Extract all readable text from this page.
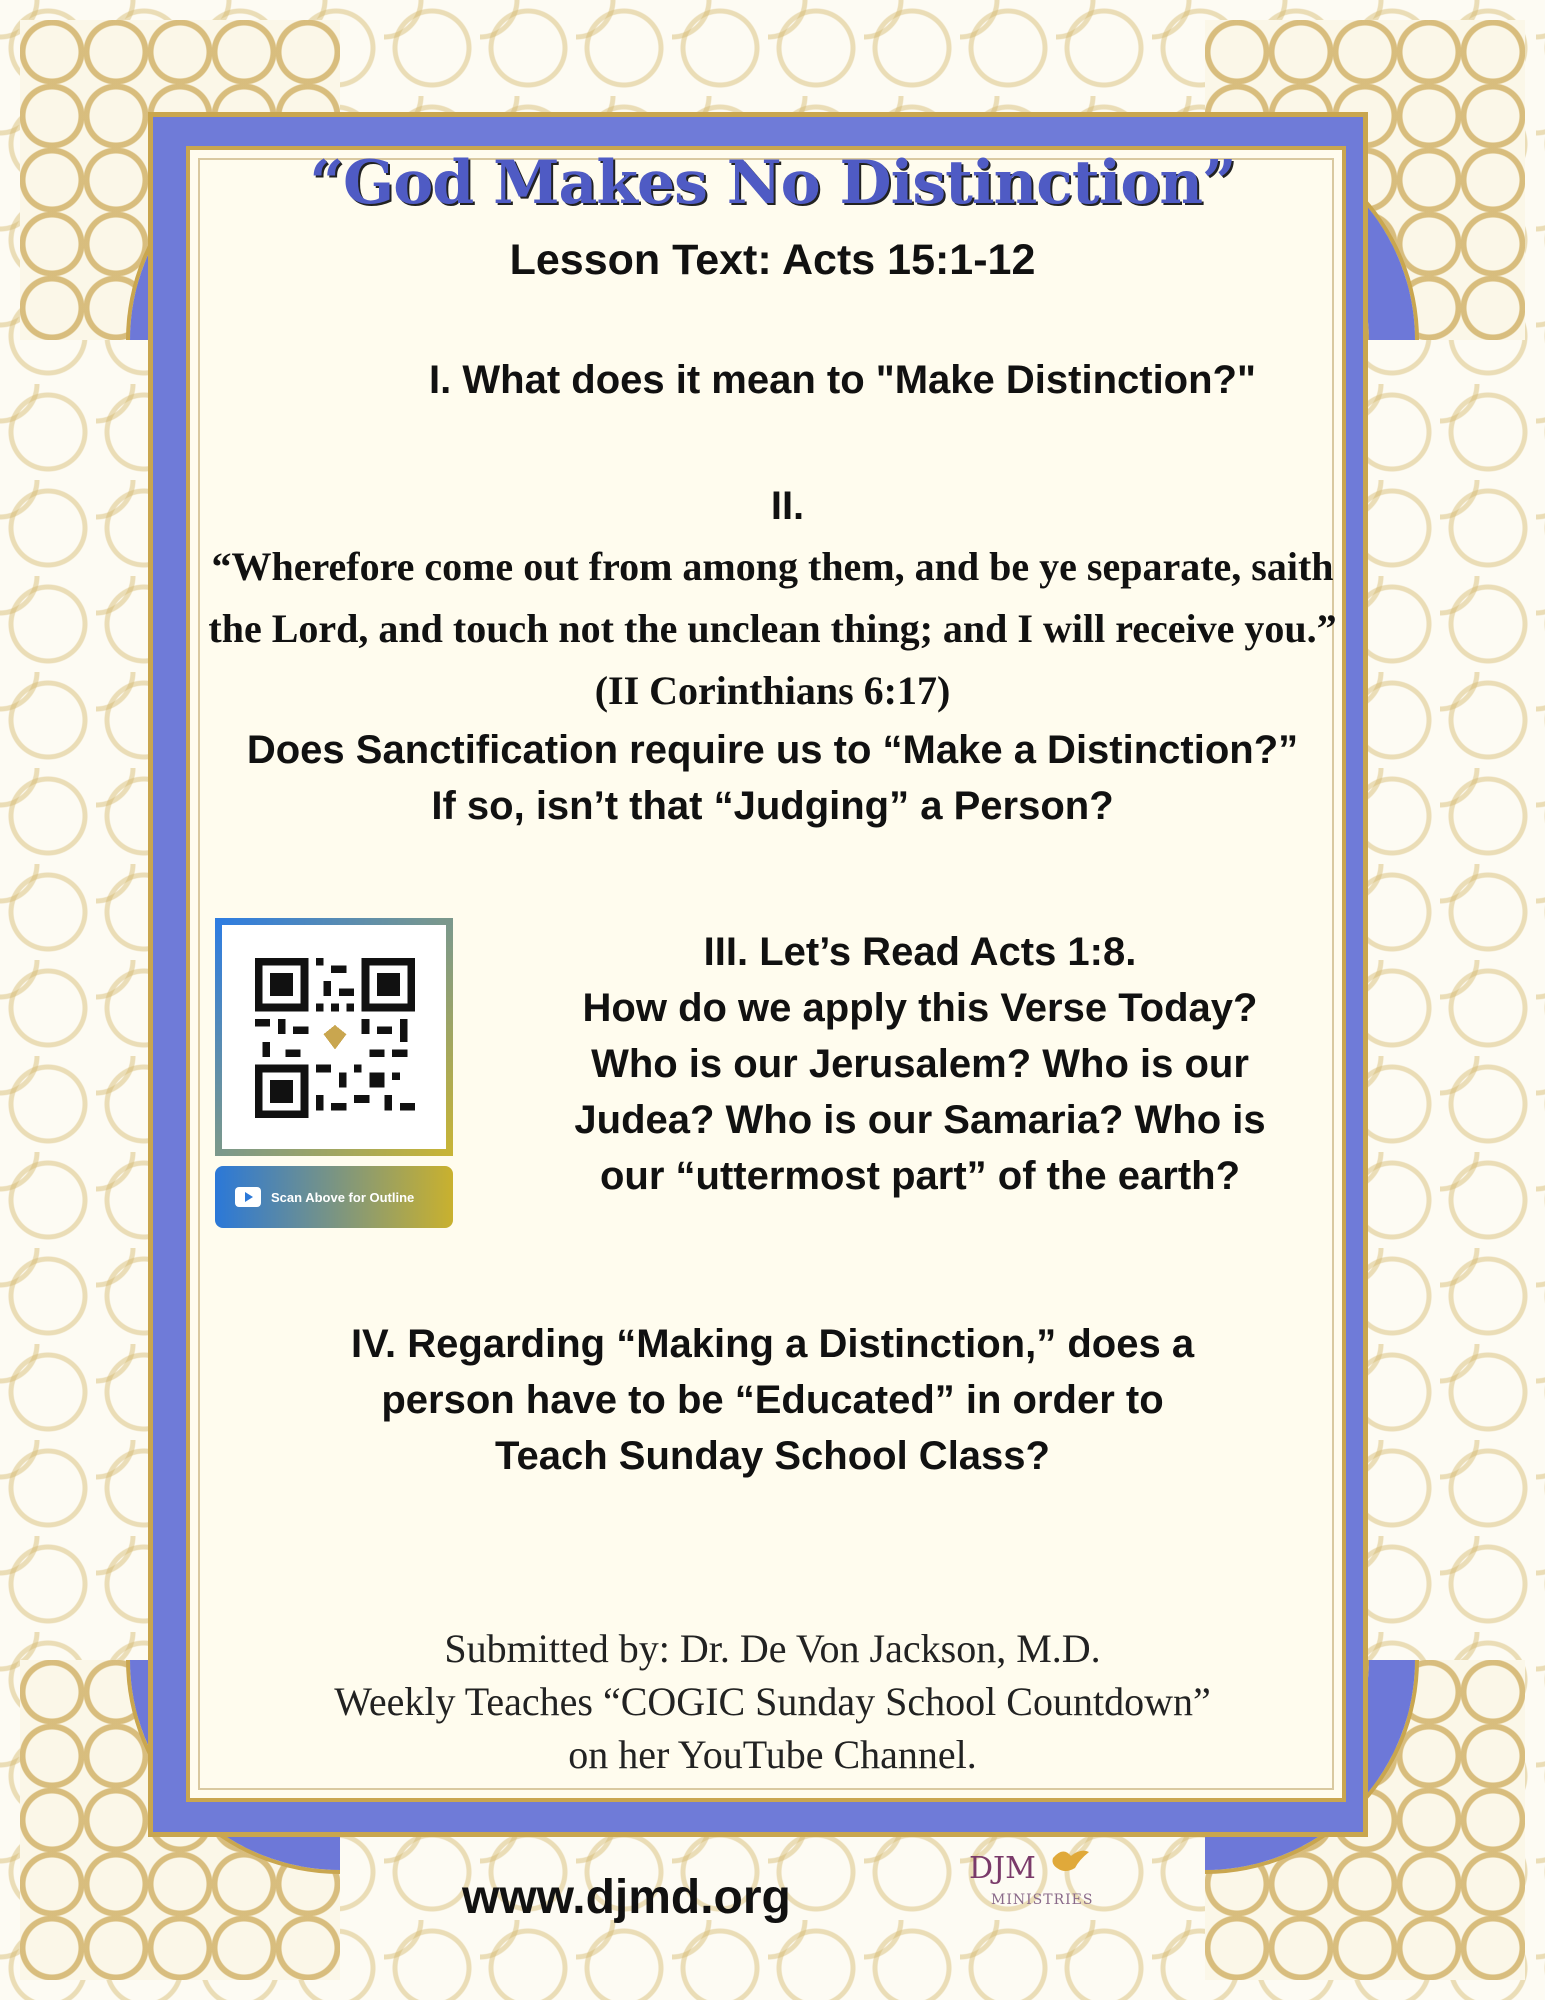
“God Makes No Distinction”

Lesson Text: Acts 15:1-12

I. What does it mean to "Make Distinction?"

II.

“Wherefore come out from among them, and be ye separate, saith the Lord, and touch not the unclean thing; and I will receive you.” (II Corinthians 6:17)

Does Sanctification require us to “Make a Distinction?”
If so, isn’t that “Judging” a Person?
Scan Above for Outline
III. Let’s Read Acts 1:8.
How do we apply this Verse Today?
Who is our Jerusalem? Who is our
Judea? Who is our Samaria? Who is
our “uttermost part” of the earth?
IV. Regarding “Making a Distinction,” does a
person have to be “Educated” in order to
Teach Sunday School Class?
Submitted by: Dr. De Von Jackson, M.D.
Weekly Teaches “COGIC Sunday School Countdown”
on her YouTube Channel.

www.djmd.org

DJM
MINISTRIES
